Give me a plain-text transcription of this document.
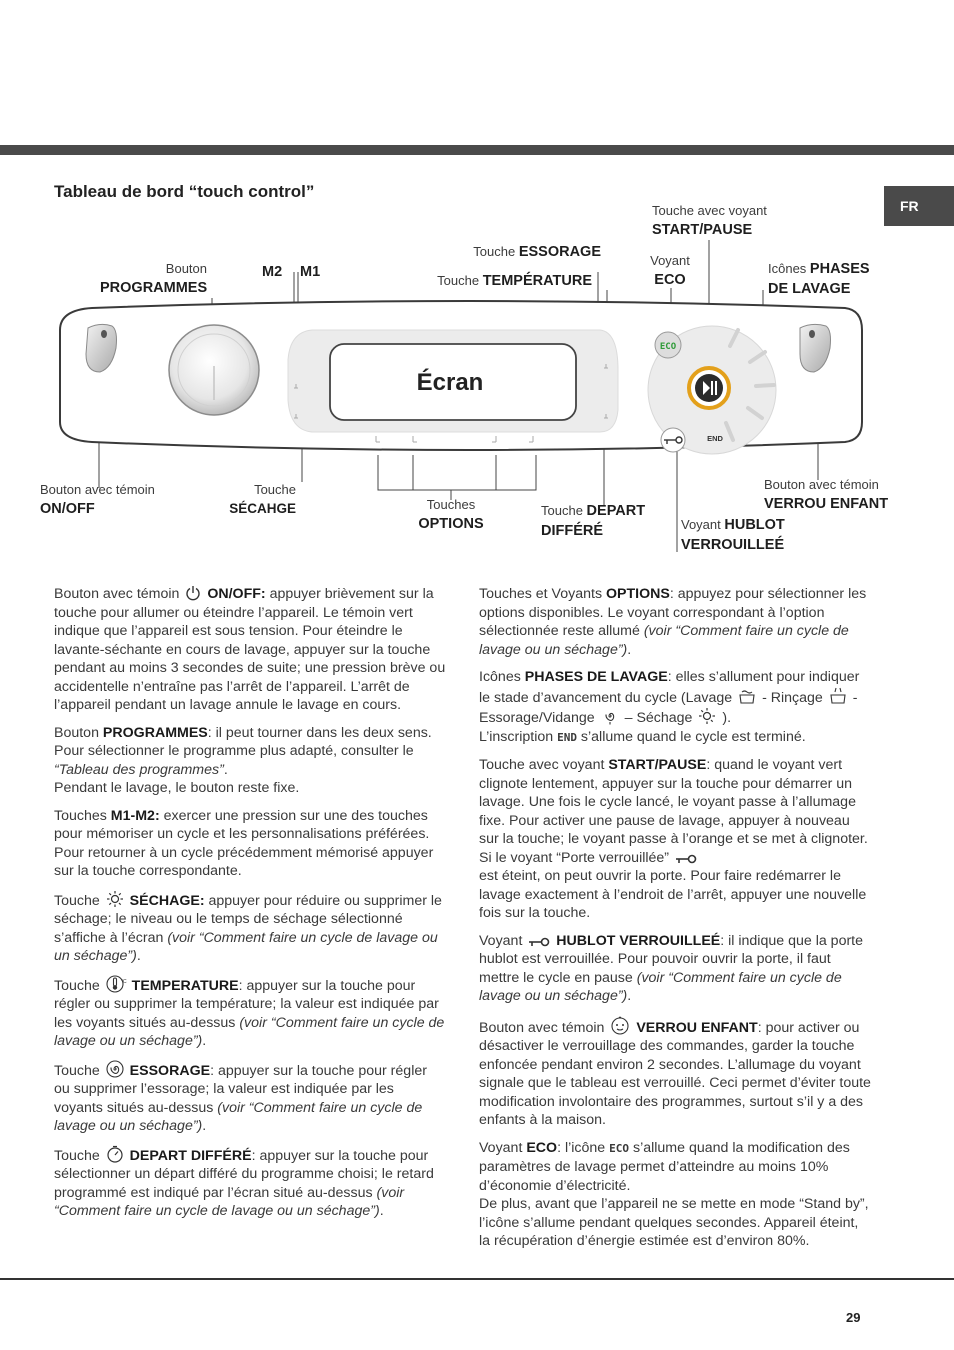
FR
Tableau de bord “touch control”
Bouton
PROGRAMMES
M2 M1
Touche ESSORAGE
Touche TEMPÉRATURE
Touche avec voyant
START/PAUSE
Voyant
ECO
Icônes PHASES
DE LAVAGE
Bouton avec témoin
ON/OFF
Touche
SÉCAHGE	Touches
OPTIONS
Touche DEPART
DIFFÉRÉ	Voyant HUBLOT
VERROUILLEÉ
Bouton avec témoin
VERROU ENFANT
ECO
END
Écran

Bouton avec témoin ON/OFF: appuyer brièvement sur la touche pour allumer ou éteindre l’appareil. Le témoin vert indique que l’appareil est sous tension. Pour éteindre le lavante-séchante en cours de lavage, appuyer sur la touche pendant au moins 3 secondes de suite; une pression brève ou accidentelle n’entraîne pas l’arrêt de l’appareil. L’arrêt de l’appareil pendant un lavage annule le lavage en cours.

Bouton PROGRAMMES: il peut tourner dans les deux sens. Pour sélectionner le programme plus adapté, consulter le “Tableau des programmes”.
Pendant le lavage, le bouton reste fixe.

Touches M1-M2: exercer une pression sur une des touches pour mémoriser un cycle et les personnalisations préférées. Pour retourner à un cycle précédemment mémorisé appuyer sur la touche correspondante.

Touche SÉCHAGE: appuyer pour réduire ou supprimer le séchage; le niveau ou le temps de séchage sélectionné s’affiche à l’écran (voir “Comment faire un cycle de lavage ou un séchage”).

Touche	°C TEMPERATURE: appuyer sur la touche pour régler ou supprimer la température; la valeur est indiquée par les voyants situés au-dessus (voir “Comment faire un cycle de lavage ou un séchage”).

Touche ESSORAGE: appuyer sur la touche pour régler ou supprimer l’essorage; la valeur est indiquée par les voyants situés au-dessus (voir “Comment faire un cycle de lavage ou un séchage”).

Touche DEPART DIFFÉRÉ: appuyer sur la touche pour sélectionner un départ différé du programme choisi; le retard programmé est indiqué par l’écran situé au-dessus (voir “Comment faire un cycle de lavage ou un séchage”).

Touches et Voyants OPTIONS: appuyez pour sélectionner les options disponibles. Le voyant correspondant à l’option sélectionnée reste allumé (voir “Comment faire un cycle de lavage ou un séchage”).

Icônes PHASES DE LAVAGE: elles s’allument pour indiquer le stade d’avancement du cycle (Lavage - Rinçage - Essorage/Vidange – Séchage ).
L’inscription END s’allume quand le cycle est terminé.

Touche avec voyant START/PAUSE: quand le voyant vert clignote lentement, appuyer sur la touche pour démarrer un lavage. Une fois le cycle lancé, le voyant passe à l’allumage fixe. Pour activer une pause de lavage, appuyer à nouveau sur la touche; le voyant passe à l’orange et se met à clignoter. Si le voyant “Porte verrouillée”
est éteint, on peut ouvrir la porte. Pour faire redémarrer le lavage exactement à l’endroit de l’arrêt, appuyer une nouvelle fois sur la touche.

Voyant HUBLOT VERROUILLEÉ: il indique que la porte hublot est verrouillée. Pour pouvoir ouvrir la porte, il faut mettre le cycle en pause (voir “Comment faire un cycle de lavage ou un séchage”).

Bouton avec témoin VERROU ENFANT: pour activer ou désactiver le verrouillage des commandes, garder la touche enfoncée pendant environ 2 secondes. L’allumage du voyant signale que le tableau est verrouillé. Ceci permet d’éviter toute modification involontaire des programmes, surtout s’il y a des enfants à la maison.

Voyant ECO: l’icône ECO s’allume quand la modification des paramètres de lavage permet d’atteindre au moins 10% d’économie d’électricité.
De plus, avant que l’appareil ne se mette en mode “Stand by”, l’icône s’allume pendant quelques secondes. Appareil éteint, la récupération d’énergie estimée est d’environ 80%.

29
